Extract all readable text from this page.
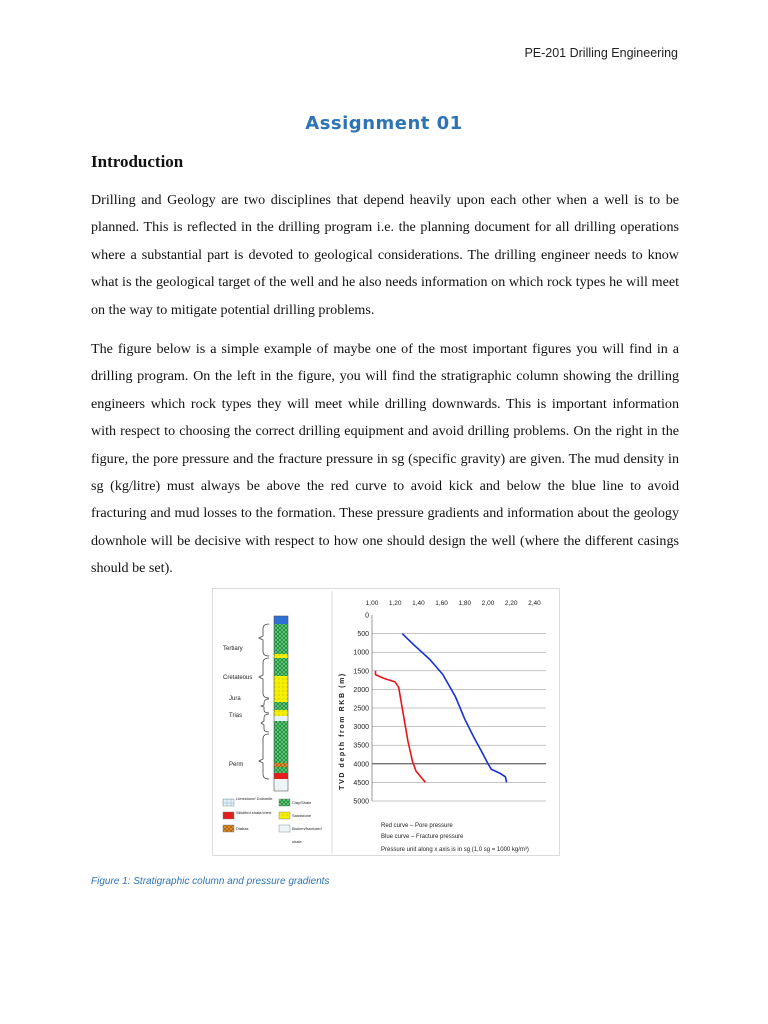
PE-201 Drilling Engineering
Assignment 01
Introduction
Drilling and Geology are two disciplines that depend heavily upon each other when a well is to be planned. This is reflected in the drilling program i.e. the planning document for all drilling operations where a substantial part is devoted to geological considerations. The drilling engineer needs to know what is the geological target of the well and he also needs information on which rock types he will meet on the way to mitigate potential drilling problems.
The figure below is a simple example of maybe one of the most important figures you will find in a drilling program. On the left in the figure, you will find the stratigraphic column showing the drilling engineers which rock types they will meet while drilling downwards. This is important information with respect to choosing the correct drilling equipment and avoid drilling problems. On the right in the figure, the pore pressure and the fracture pressure in sg (specific gravity) are given. The mud density in sg (kg/litre) must always be above the red curve to avoid kick and below the blue line to avoid fracturing and mud losses to the formation. These pressure gradients and information about the geology downhole will be decisive with respect to how one should design the well (where the different casings should be set).
Tertiary
Cretateous
Jura
Trias
Perm
Limestone/ Dolomite
Clay/Shale
Silicified shale/chert
Sandstone
Diabas	Broken/fractured
shale
1,00 1,20 1,40 1,60 1,80 2,00 2,20 2,40
0
500
1000
1500
2000
2500
3000
3500
4000
4500
5000
TVD depth from RKB (m)
Red curve – Pore pressure
Blue curve – Fracture pressure
Pressure unit along x axis is in sg (1,0 sg = 1000 kg/m³)
Figure 1: Stratigraphic column and pressure gradients
